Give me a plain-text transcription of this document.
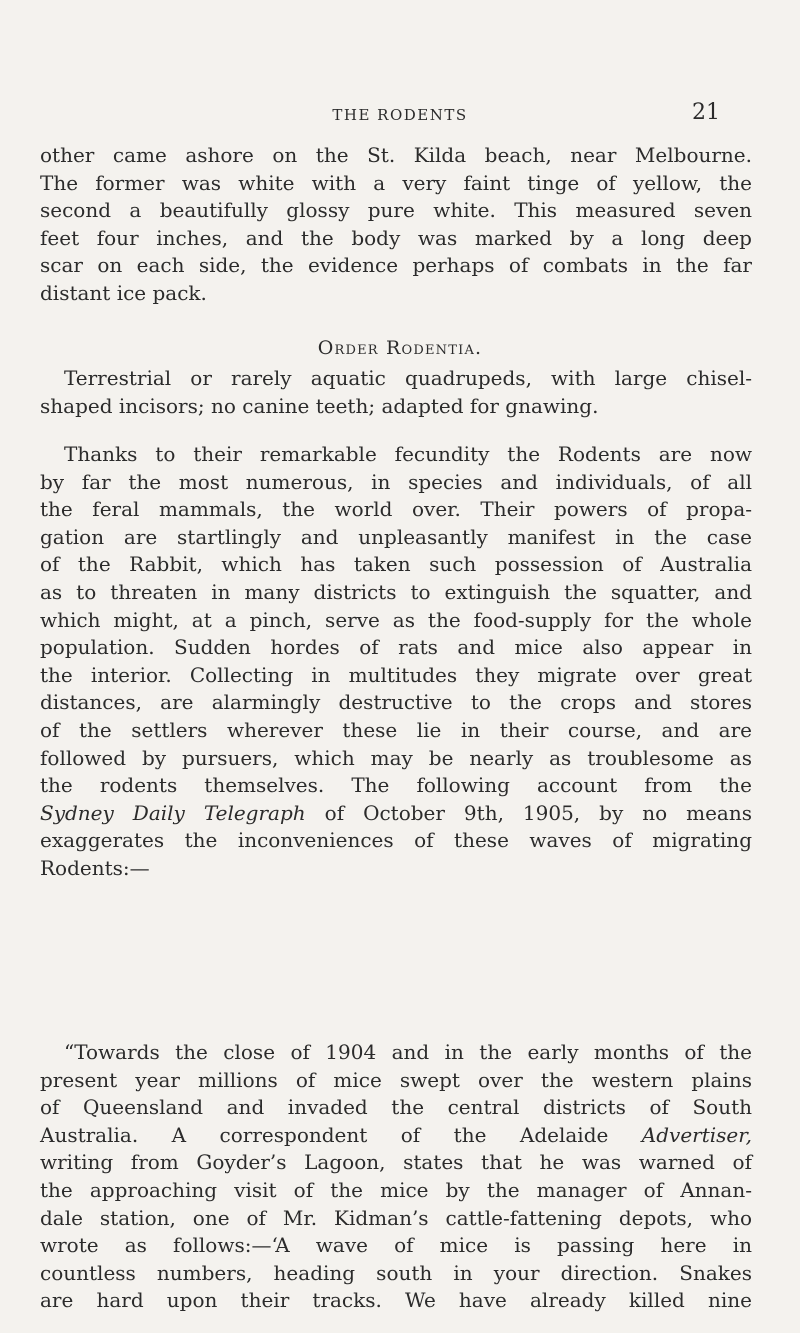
THE RODENTS	21
other came ashore on the St. Kilda beach, near Melbourne.
The former was white with a very faint tinge of yellow, the
second a beautifully glossy pure white. This measured seven
feet four inches, and the body was marked by a long deep
scar on each side, the evidence perhaps of combats in the far
distant ice pack.
Order Rodentia.
Terrestrial or rarely aquatic quadrupeds, with large chisel-
shaped incisors; no canine teeth; adapted for gnawing.
Thanks to their remarkable fecundity the Rodents are now
by far the most numerous, in species and individuals, of all
the feral mammals, the world over. Their powers of propa-
gation are startlingly and unpleasantly manifest in the case
of the Rabbit, which has taken such possession of Australia
as to threaten in many districts to extinguish the squatter, and
which might, at a pinch, serve as the food-supply for the whole
population. Sudden hordes of rats and mice also appear in
the interior. Collecting in multitudes they migrate over great
distances, are alarmingly destructive to the crops and stores
of the settlers wherever these lie in their course, and are
followed by pursuers, which may be nearly as troublesome as
the rodents themselves. The following account from the
Sydney Daily Telegraph of October 9th, 1905, by no means
exaggerates the inconveniences of these waves of migrating
Rodents:—
“Towards the close of 1904 and in the early months of the
present year millions of mice swept over the western plains
of Queensland and invaded the central districts of South
Australia. A correspondent of the Adelaide Advertiser,
writing from Goyder’s Lagoon, states that he was warned of
the approaching visit of the mice by the manager of Annan-
dale station, one of Mr. Kidman’s cattle-fattening depots, who
wrote as follows:—‘A wave of mice is passing here in
countless numbers, heading south in your direction. Snakes
are hard upon their tracks. We have already killed nine
